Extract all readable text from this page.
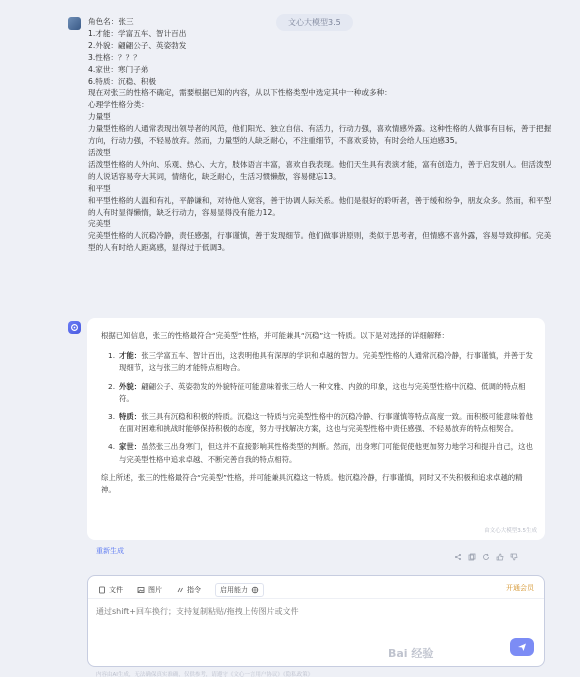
文心大模型3.5
角色名：张三
1.才能：学富五车、智计百出
2.外貌：翩翩公子、英姿勃发
3.性格：？？？
4.家世：寒门子弟
6.特质：沉稳、积极
现在对张三的性格不确定，需要根据已知的内容，从以下性格类型中选定其中一种或多种：
心理学性格分类：
力量型
力量型性格的人通常表现出领导者的风范，他们阳光、独立自信、有活力，行动力强，喜欢情感外露。这种性格的人做事有目标，善于把握方向，行动力强，不轻易放弃。然而，力量型的人缺乏耐心，不注重细节，不喜欢妥协，有时会给人压迫感35。
活泼型
活泼型性格的人外向、乐观、热心、大方，肢体语言丰富，喜欢自我表现。他们天生具有表演才能，富有创造力，善于启发别人。但活泼型的人说话容易夸大其词，情绪化，缺乏耐心，生活习惯懒散，容易健忘13。
和平型
和平型性格的人温和有礼，平静谦和，对待他人宽容，善于协调人际关系。他们是很好的聆听者，善于缓和纷争，朋友众多。然而，和平型的人有时显得懒惰，缺乏行动力，容易显得没有能力12。
完美型
完美型性格的人沉稳冷静，责任感强，行事谨慎，善于发现细节。他们做事讲原则，类似于思考者，但情感不喜外露，容易导致抑郁。完美型的人有时给人距离感，显得过于低调3。

根据已知信息，张三的性格最符合“完美型”性格，并可能兼具“沉稳”这一特质。以下是对选择的详细解释：

1. 才能：张三学富五车、智计百出，这表明他具有深厚的学识和卓越的智力。完美型性格的人通常沉稳冷静，行事谨慎，并善于发现细节，这与张三的才能特点相吻合。
2. 外貌：翩翩公子、英姿勃发的外貌特征可能意味着张三给人一种文雅、内敛的印象，这也与完美型性格中沉稳、低调的特点相符。
3. 特质：张三具有沉稳和积极的特质。沉稳这一特质与完美型性格中的沉稳冷静、行事谨慎等特点高度一致。而积极可能意味着他在面对困难和挑战时能够保持积极的态度，努力寻找解决方案，这也与完美型性格中责任感强、不轻易放弃的特点相契合。
4. 家世：虽然张三出身寒门，但这并不直接影响其性格类型的判断。然而，出身寒门可能促使他更加努力地学习和提升自己，这也与完美型性格中追求卓越、不断完善自我的特点相符。

综上所述，张三的性格最符合“完美型”性格，并可能兼具沉稳这一特质。他沉稳冷静，行事谨慎，同时又不失积极和追求卓越的精神。

由文心大模型3.5生成
重新生成
文件	图片	指令	启用能力	开通会员
通过shift+回车换行；支持复制粘贴/拖拽上传图片或文件
Bai 经验
内容由AI生成，无法确保真实准确，仅供参考，请遵守《文心一言用户协议》《隐私政策》
